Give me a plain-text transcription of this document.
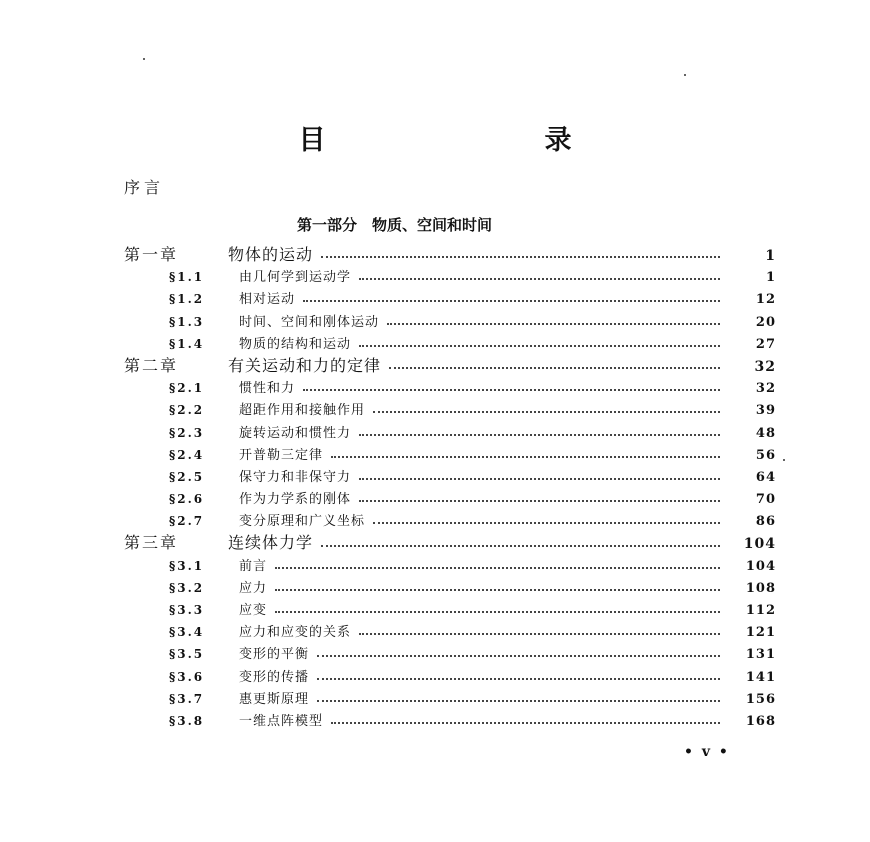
目　录
序言
第一部分　物质、空间和时间
第一章	物体的运动	1
§1.1	由几何学到运动学	1
§1.2	相对运动	12
§1.3	时间、空间和刚体运动	20
§1.4	物质的结构和运动	27
第二章	有关运动和力的定律	32
§2.1	惯性和力	32
§2.2	超距作用和接触作用	39
§2.3	旋转运动和惯性力	48
§2.4	开普勒三定律	56
§2.5	保守力和非保守力	64
§2.6	作为力学系的刚体	70
§2.7	变分原理和广义坐标	86
第三章	连续体力学	104
§3.1	前言	104
§3.2	应力	108
§3.3	应变	112
§3.4	应力和应变的关系	121
§3.5	变形的平衡	131
§3.6	变形的传播	141
§3.7	惠更斯原理	156
§3.8	一维点阵模型	168
• v •
